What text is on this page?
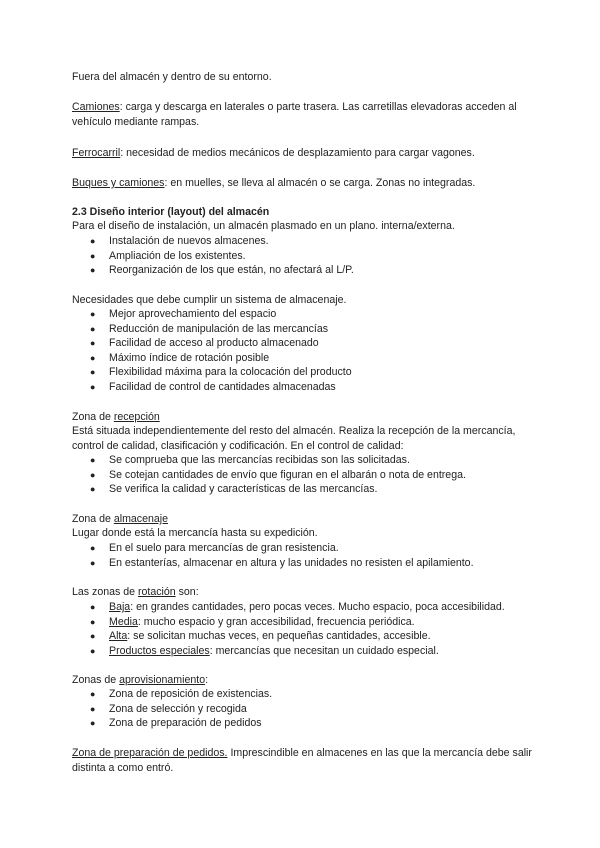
Fuera del almacén y dentro de su entorno.

Camiones: carga y descarga en laterales o parte trasera. Las carretillas elevadoras acceden al vehículo mediante rampas.

Ferrocarril: necesidad de medios mecánicos de desplazamiento para cargar vagones.

Buques y camiones: en muelles, se lleva al almacén o se carga. Zonas no integradas.

2.3 Diseño interior (layout) del almacén

Para el diseño de instalación, un almacén plasmado en un plano. interna/externa.

● Instalación de nuevos almacenes.
● Ampliación de los existentes.
● Reorganización de los que están, no afectará al L/P.

Necesidades que debe cumplir un sistema de almacenaje.

● Mejor aprovechamiento del espacio
● Reducción de manipulación de las mercancías
● Facilidad de acceso al producto almacenado
● Máximo índice de rotación posible
● Flexibilidad máxima para la colocación del producto
● Facilidad de control de cantidades almacenadas

Zona de recepción

Está situada independientemente del resto del almacén. Realiza la recepción de la mercancía, control de calidad, clasificación y codificación. En el control de calidad:

● Se comprueba que las mercancías recibidas son las solicitadas.
● Se cotejan cantidades de envío que figuran en el albarán o nota de entrega.
● Se verifica la calidad y características de las mercancías.

Zona de almacenaje

Lugar donde está la mercancía hasta su expedición.

● En el suelo para mercancías de gran resistencia.
● En estanterías, almacenar en altura y las unidades no resisten el apilamiento.

Las zonas de rotación son:

● Baja: en grandes cantidades, pero pocas veces. Mucho espacio, poca accesibilidad.
● Media: mucho espacio y gran accesibilidad, frecuencia periódica.
● Alta: se solicitan muchas veces, en pequeñas cantidades, accesible.
● Productos especiales: mercancías que necesitan un cuidado especial.

Zonas de aprovisionamiento:

● Zona de reposición de existencias.
● Zona de selección y recogida
● Zona de preparación de pedidos

Zona de preparación de pedidos. Imprescindible en almacenes en las que la mercancía debe salir distinta a como entró.
